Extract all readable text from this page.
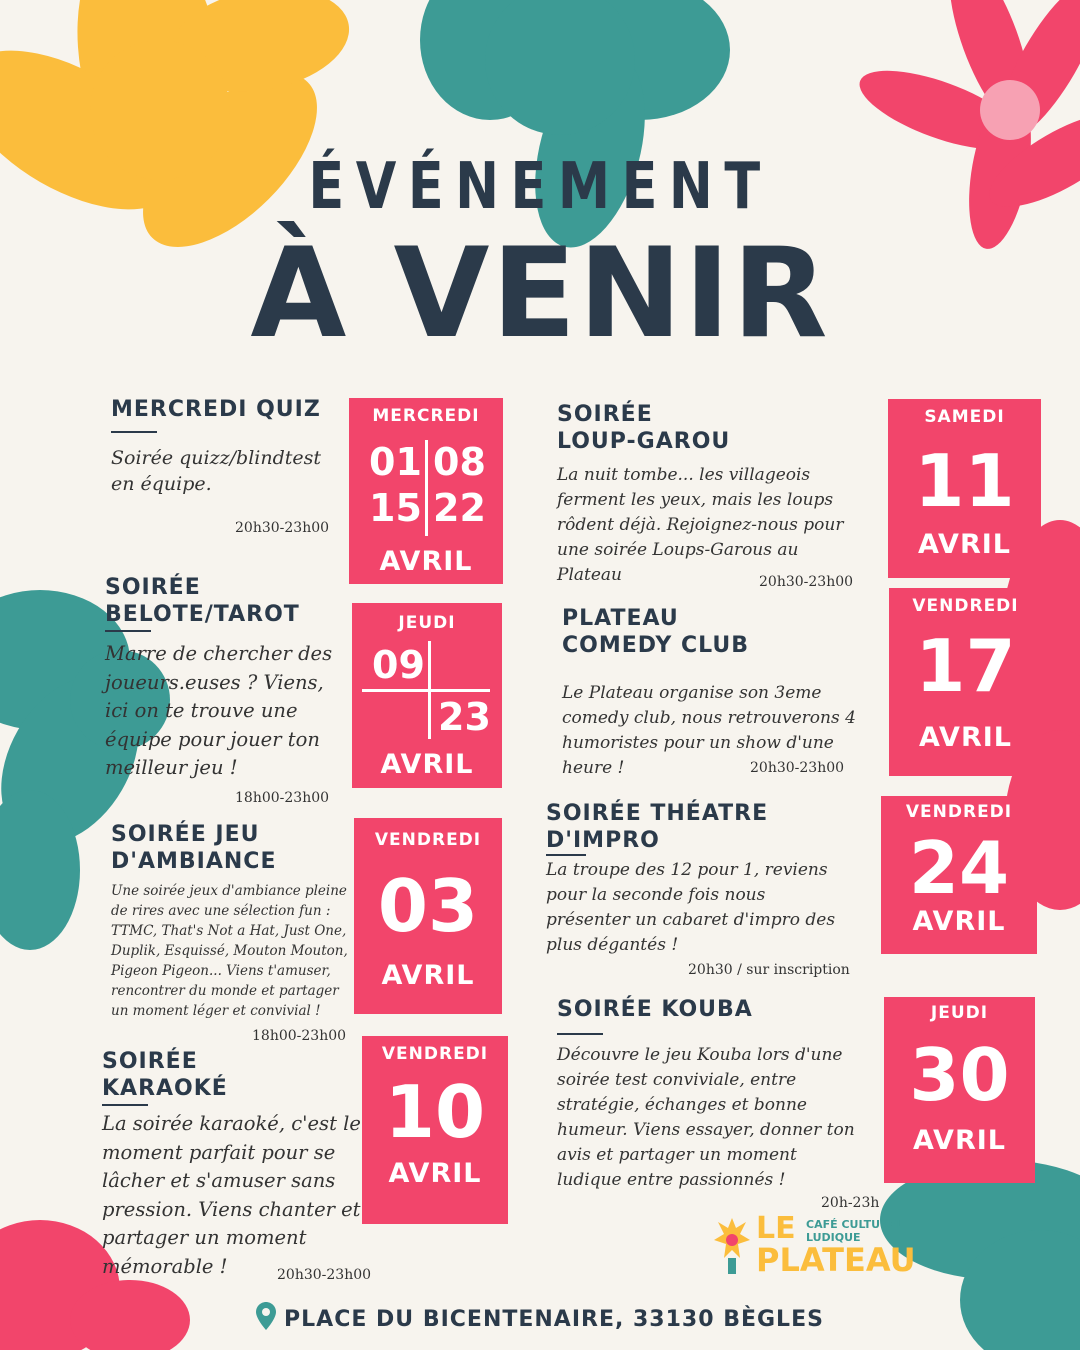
ÉVÉNEMENT
À VENIR
MERCREDI QUIZ
Soirée quizz/blindtest en équipe.
20h30-23h00
MERCREDI
01 08
15 22
AVRIL
SOIRÉE
BELOTE/TAROT
Marre de chercher des joueurs.euses ? Viens, ici on te trouve une équipe pour jouer ton meilleur jeu !
18h00-23h00
JEUDI
09
23
AVRIL
SOIRÉE JEU
D'AMBIANCE
Une soirée jeux d'ambiance pleine de rires avec une sélection fun : TTMC, That's Not a Hat, Just One, Duplik, Esquissé, Mouton Mouton, Pigeon Pigeon... Viens t'amuser, rencontrer du monde et partager un moment léger et convivial !
18h00-23h00
VENDREDI
03
AVRIL
SOIRÉE
KARAOKÉ
La soirée karaoké, c'est le moment parfait pour se lâcher et s'amuser sans pression. Viens chanter et partager un moment mémorable !	20h30-23h00
VENDREDI
10
AVRIL
SOIRÉE
LOUP-GAROU
La nuit tombe... les villageois ferment les yeux, mais les loups rôdent déjà. Rejoignez-nous pour une soirée Loups-Garous au Plateau	20h30-23h00
SAMEDI
11
AVRIL
PLATEAU
COMEDY CLUB
Le Plateau organise son 3eme comedy club, nous retrouverons 4 humoristes pour un show d'une heure !	20h30-23h00
VENDREDI
17
AVRIL
SOIRÉE THÉATRE
D'IMPRO
La troupe des 12 pour 1, reviens pour la seconde fois nous présenter un cabaret d'impro des plus dégantés !
20h30 / sur inscription
VENDREDI
24
AVRIL
SOIRÉE KOUBA
Découvre le jeu Kouba lors d'une soirée test conviviale, entre stratégie, échanges et bonne humeur. Viens essayer, donner ton avis et partager un moment ludique entre passionnés !
20h-23h
JEUDI
30
AVRIL
LE CAFÉ CULTUREL LUDIQUE
PLATEAU
PLACE DU BICENTENAIRE, 33130 BÈGLES
